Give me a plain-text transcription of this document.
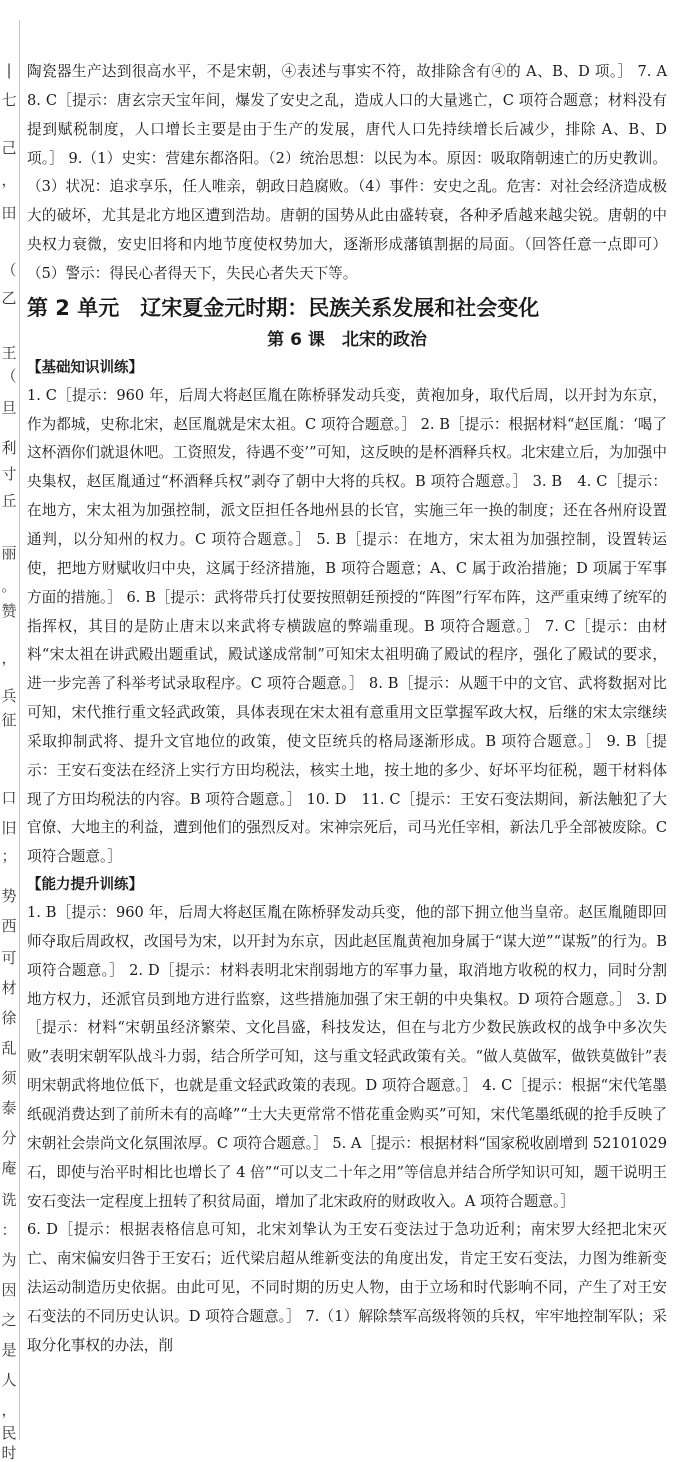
|
七
己
，
田
（
乙
王
（
旦
利
寸
丘
丽
。
赞
，
兵
征
口
旧
；
势
西
可
材
徐
乱
须
泰
分
庵
诜
：
为
因
之
是
人
，
民
时

陶瓷器生产达到很高水平，不是宋朝，④表述与事实不符，故排除含有④的 A、B、D 项。］ 7. A　8. C［提示：唐玄宗天宝年间，爆发了安史之乱，造成人口的大量逃亡，C 项符合题意；材料没有提到赋税制度，人口增长主要是由于生产的发展，唐代人口先持续增长后减少，排除 A、B、D 项。］ 9.（1）史实：营建东都洛阳。（2）统治思想：以民为本。原因：吸取隋朝速亡的历史教训。（3）状况：追求享乐，任人唯亲，朝政日趋腐败。（4）事件：安史之乱。危害：对社会经济造成极大的破坏，尤其是北方地区遭到浩劫。唐朝的国势从此由盛转衰，各种矛盾越来越尖锐。唐朝的中央权力衰微，安史旧将和内地节度使权势加大，逐渐形成藩镇割据的局面。（回答任意一点即可）（5）警示：得民心者得天下，失民心者失天下等。

第 2 单元　辽宋夏金元时期：民族关系发展和社会变化
第 6 课　北宋的政治
【基础知识训练】

1. C［提示：960 年，后周大将赵匡胤在陈桥驿发动兵变，黄袍加身，取代后周，以开封为东京，作为都城，史称北宋，赵匡胤就是宋太祖。C 项符合题意。］ 2. B［提示：根据材料“赵匡胤：‘喝了这杯酒你们就退休吧。工资照发，待遇不变’”可知，这反映的是杯酒释兵权。北宋建立后，为加强中央集权，赵匡胤通过“杯酒释兵权”剥夺了朝中大将的兵权。B 项符合题意。］ 3. B　4. C［提示：在地方，宋太祖为加强控制，派文臣担任各地州县的长官，实施三年一换的制度；还在各州府设置通判，以分知州的权力。C 项符合题意。］ 5. B［提示：在地方，宋太祖为加强控制，设置转运使，把地方财赋收归中央，这属于经济措施，B 项符合题意；A、C 属于政治措施；D 项属于军事方面的措施。］ 6. B［提示：武将带兵打仗要按照朝廷预授的“阵图”行军布阵，这严重束缚了统军的指挥权，其目的是防止唐末以来武将专横跋扈的弊端重现。B 项符合题意。］ 7. C［提示：由材料“宋太祖在讲武殿出题重试，殿试遂成常制”可知宋太祖明确了殿试的程序，强化了殿试的要求，进一步完善了科举考试录取程序。C 项符合题意。］ 8. B［提示：从题干中的文官、武将数据对比可知，宋代推行重文轻武政策，具体表现在宋太祖有意重用文臣掌握军政大权，后继的宋太宗继续采取抑制武将、提升文官地位的政策，使文臣统兵的格局逐渐形成。B 项符合题意。］ 9. B［提示：王安石变法在经济上实行方田均税法，核实土地，按土地的多少、好坏平均征税，题干材料体现了方田均税法的内容。B 项符合题意。］ 10. D　11. C［提示：王安石变法期间，新法触犯了大官僚、大地主的利益，遭到他们的强烈反对。宋神宗死后，司马光任宰相，新法几乎全部被废除。C 项符合题意。］

【能力提升训练】

1. B［提示：960 年，后周大将赵匡胤在陈桥驿发动兵变，他的部下拥立他当皇帝。赵匡胤随即回师夺取后周政权，改国号为宋，以开封为东京，因此赵匡胤黄袍加身属于“谋大逆”“谋叛”的行为。B 项符合题意。］ 2. D［提示：材料表明北宋削弱地方的军事力量，取消地方收税的权力，同时分割地方权力，还派官员到地方进行监察，这些措施加强了宋王朝的中央集权。D 项符合题意。］ 3. D［提示：材料“宋朝虽经济繁荣、文化昌盛，科技发达，但在与北方少数民族政权的战争中多次失败”表明宋朝军队战斗力弱，结合所学可知，这与重文轻武政策有关。“做人莫做军，做铁莫做针”表明宋朝武将地位低下，也就是重文轻武政策的表现。D 项符合题意。］ 4. C［提示：根据“宋代笔墨纸砚消费达到了前所未有的高峰”“士大夫更常常不惜花重金购买”可知，宋代笔墨纸砚的抢手反映了宋朝社会崇尚文化氛围浓厚。C 项符合题意。］ 5. A［提示：根据材料“国家税收剧增到 52101029 石，即使与治平时相比也增长了 4 倍”“可以支二十年之用”等信息并结合所学知识可知，题干说明王安石变法一定程度上扭转了积贫局面，增加了北宋政府的财政收入。A 项符合题意。］

6. D［提示：根据表格信息可知，北宋刘挚认为王安石变法过于急功近利；南宋罗大经把北宋灭亡、南宋偏安归咎于王安石；近代梁启超从维新变法的角度出发，肯定王安石变法，力图为维新变法运动制造历史依据。由此可见，不同时期的历史人物，由于立场和时代影响不同，产生了对王安石变法的不同历史认识。D 项符合题意。］ 7.（1）解除禁军高级将领的兵权，牢牢地控制军队；采取分化事权的办法，削
